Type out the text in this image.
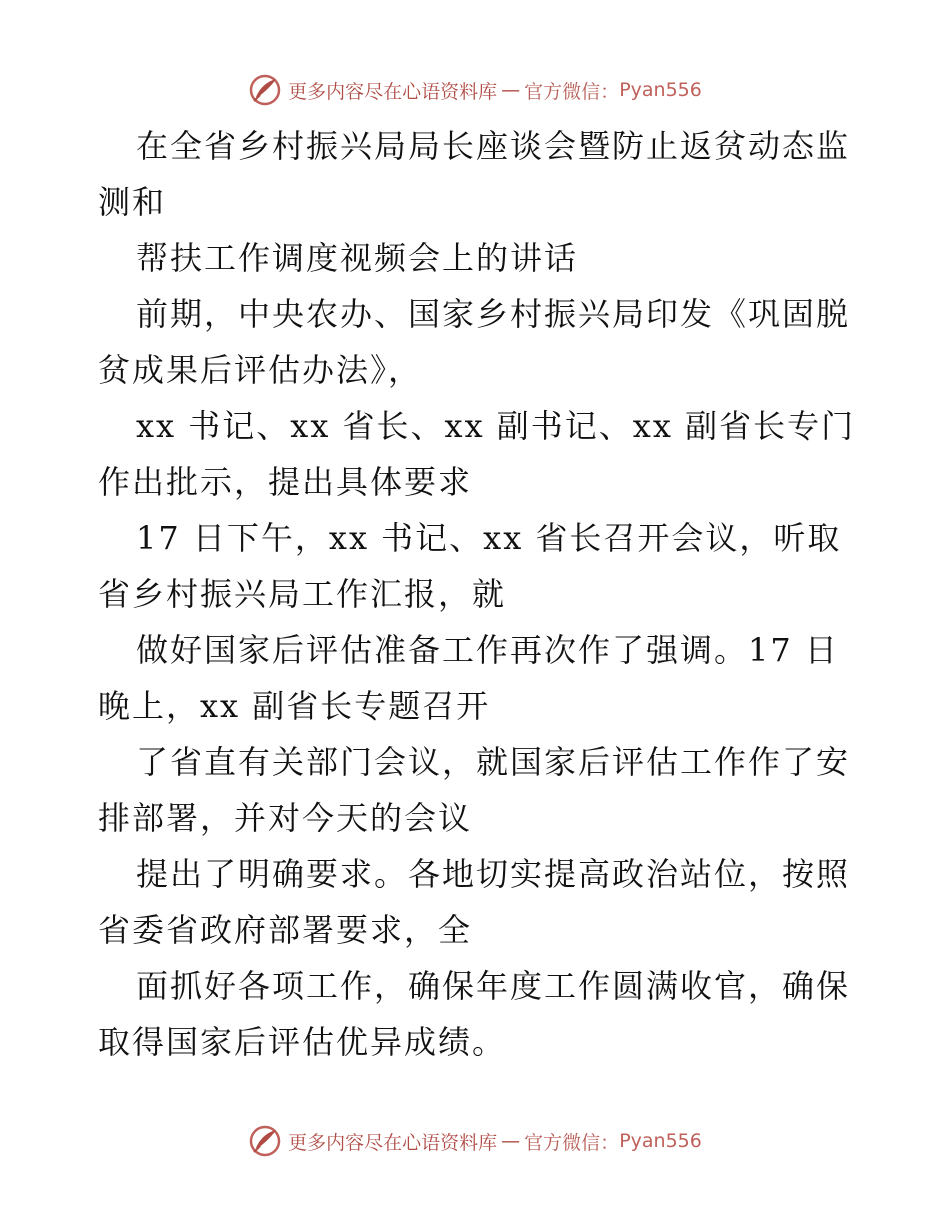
更多内容尽在心语资料库 — 官方微信： Pyan556

在全省乡村振兴局局长座谈会暨防止返贫动态监测和

帮扶工作调度视频会上的讲话

前期，中央农办、国家乡村振兴局印发《巩固脱贫成果后评估办法》，

xx 书记、xx 省长、xx 副书记、xx 副省长专门作出批示，提出具体要求

17 日下午，xx 书记、xx 省长召开会议，听取省乡村振兴局工作汇报，就

做好国家后评估准备工作再次作了强调。17 日晚上，xx 副省长专题召开

了省直有关部门会议，就国家后评估工作作了安排部署，并对今天的会议

提出了明确要求。各地切实提高政治站位，按照省委省政府部署要求，全

面抓好各项工作，确保年度工作圆满收官，确保取得国家后评估优异成绩。

更多内容尽在心语资料库 — 官方微信： Pyan556
